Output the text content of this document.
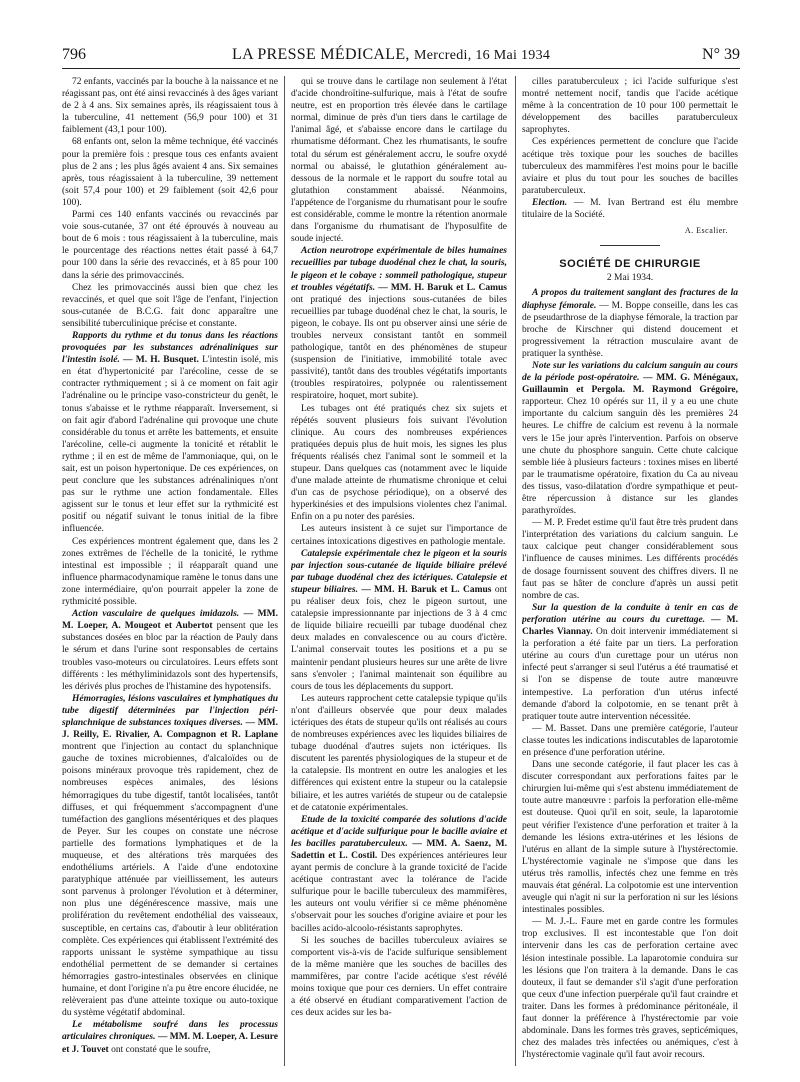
796	LA PRESSE MÉDICALE, Mercredi, 16 Mai 1934	N° 39

72 enfants, vaccinés par la bouche à la naissance et ne réagissant pas, ont été ainsi revaccinés à des âges variant de 2 à 4 ans. Six semaines après, ils réagissaient tous à la tuberculine, 41 nettement (56,9 pour 100) et 31 faiblement (43,1 pour 100).

68 enfants ont, selon la même technique, été vaccinés pour la première fois : presque tous ces enfants avaient plus de 2 ans ; les plus âgés avaient 4 ans. Six semaines après, tous réagissaient à la tuberculine, 39 nettement (soit 57,4 pour 100) et 29 faiblement (soit 42,6 pour 100).

Parmi ces 140 enfants vaccinés ou revaccinés par voie sous-cutanée, 37 ont été éprouvés à nouveau au bout de 6 mois : tous réagissaient à la tuberculine, mais le pourcentage des réactions nettes était passé à 64,7 pour 100 dans la série des revaccinés, et à 85 pour 100 dans la série des primovaccinés.

Chez les primovaccinés aussi bien que chez les revaccinés, et quel que soit l'âge de l'enfant, l'injection sous-cutanée de B.C.G. fait donc apparaître une sensibilité tuberculinique précise et constante.

Rapports du rythme et du tonus dans les réactions provoquées par les substances adrénaliniques sur l'intestin isolé. — M. H. Busquet. L'intestin isolé, mis en état d'hypertonicité par l'arécoline, cesse de se contracter rythmiquement ; si à ce moment on fait agir l'adrénaline ou le principe vaso-constricteur du genêt, le tonus s'abaisse et le rythme réapparaît. Inversement, si on fait agir d'abord l'adrénaline qui provoque une chute considérable du tonus et arrête les battements, et ensuite l'arécoline, celle-ci augmente la tonicité et rétablit le rythme ; il en est de même de l'ammoniaque, qui, on le sait, est un poison hypertonique. De ces expériences, on peut conclure que les substances adrénaliniques n'ont pas sur le rythme une action fondamentale. Elles agissent sur le tonus et leur effet sur la rythmicité est positif ou négatif suivant le tonus initial de la fibre influencée.

Ces expériences montrent également que, dans les 2 zones extrêmes de l'échelle de la tonicité, le rythme intestinal est impossible ; il réapparaît quand une influence pharmacodynamique ramène le tonus dans une zone intermédiaire, qu'on pourrait appeler la zone de rythmicité possible.

Action vasculaire de quelques imidazols. — MM. M. Loeper, A. Mougeot et Aubertot pensent que les substances dosées en bloc par la réaction de Pauly dans le sérum et dans l'urine sont responsables de certains troubles vaso-moteurs ou circulatoires. Leurs effets sont différents : les méthyliminidazols sont des hypertensifs, les dérivés plus proches de l'histamine des hypotensifs.

Hémorragies, lésions vasculaires et lymphatiques du tube digestif déterminées par l'injection péri-splanchnique de substances toxiques diverses. — MM. J. Reilly, E. Rivalier, A. Compagnon et R. Laplane montrent que l'injection au contact du splanchnique gauche de toxines microbiennes, d'alcaloïdes ou de poisons minéraux provoque très rapidement, chez de nombreuses espèces animales, des lésions hémorragiques du tube digestif, tantôt localisées, tantôt diffuses, et qui fréquemment s'accompagnent d'une tuméfaction des ganglions mésentériques et des plaques de Peyer. Sur les coupes on constate une nécrose partielle des formations lymphatiques et de la muqueuse, et des altérations très marquées des endothéliums artériels. A l'aide d'une endotoxine paratyphique atténuée par vieillissement, les auteurs sont parvenus à prolonger l'évolution et à déterminer, non plus une dégénérescence massive, mais une prolifération du revêtement endothélial des vaisseaux, susceptible, en certains cas, d'aboutir à leur oblitération complète. Ces expériences qui établissent l'extrémité des rapports unissant le système sympathique au tissu endothélial permettent de se demander si certaines hémorragies gastro-intestinales observées en clinique humaine, et dont l'origine n'a pu être encore élucidée, ne relèveraient pas d'une atteinte toxique ou auto-toxique du système végétatif abdominal.

Le métabolisme soufré dans les processus articulaires chroniques. — MM. M. Loeper, A. Lesure et J. Touvet ont constaté que le soufre,

qui se trouve dans le cartilage non seulement à l'état d'acide chondroïtine-sulfurique, mais à l'état de soufre neutre, est en proportion très élevée dans le cartilage normal, diminue de près d'un tiers dans le cartilage de l'animal âgé, et s'abaisse encore dans le cartilage du rhumatisme déformant. Chez les rhumatisants, le soufre total du sérum est généralement accru, le soufre oxydé normal ou abaissé, le glutathion généralement au-dessous de la normale et le rapport du soufre total au glutathion constamment abaissé. Néanmoins, l'appétence de l'organisme du rhumatisant pour le soufre est considérable, comme le montre la rétention anormale dans l'organisme du rhumatisant de l'hyposulfite de soude injecté.

Action neurotrope expérimentale de biles humaines recueillies par tubage duodénal chez le chat, la souris, le pigeon et le cobaye : sommeil pathologique, stupeur et troubles végétatifs. — MM. H. Baruk et L. Camus ont pratiqué des injections sous-cutanées de biles recueillies par tubage duodénal chez le chat, la souris, le pigeon, le cobaye. Ils ont pu observer ainsi une série de troubles nerveux consistant tantôt en sommeil pathologique, tantôt en des phénomènes de stupeur (suspension de l'initiative, immobilité totale avec passivité), tantôt dans des troubles végétatifs importants (troubles respiratoires, polypnée ou ralentissement respiratoire, hoquet, mort subite).

Les tubages ont été pratiqués chez six sujets et répétés souvent plusieurs fois suivant l'évolution clinique. Au cours des nombreuses expériences pratiquées depuis plus de huit mois, les signes les plus fréquents réalisés chez l'animal sont le sommeil et la stupeur. Dans quelques cas (notamment avec le liquide d'une malade atteinte de rhumatisme chronique et celui d'un cas de psychose périodique), on a observé des hyperkinésies et des impulsions violentes chez l'animal. Enfin on a pu noter des parésies.

Les auteurs insistent à ce sujet sur l'importance de certaines intoxications digestives en pathologie mentale.

Catalepsie expérimentale chez le pigeon et la souris par injection sous-cutanée de liquide biliaire prélevé par tubage duodénal chez des ictériques. Catalepsie et stupeur biliaires. — MM. H. Baruk et L. Camus ont pu réaliser deux fois, chez le pigeon surtout, une catalepsie impressionnante par injections de 3 à 4 cmc de liquide biliaire recueilli par tubage duodénal chez deux malades en convalescence ou au cours d'ictère. L'animal conservait toutes les positions et a pu se maintenir pendant plusieurs heures sur une arête de livre sans s'envoler ; l'animal maintenait son équilibre au cours de tous les déplacements du support.

Les auteurs rapprochent cette catalepsie typique qu'ils n'ont d'ailleurs observée que pour deux malades ictériques des états de stupeur qu'ils ont réalisés au cours de nombreuses expériences avec les liquides biliaires de tubage duodénal d'autres sujets non ictériques. Ils discutent les parentés physiologiques de la stupeur et de la catalepsie. Ils montrent en outre les analogies et les différences qui existent entre la stupeur ou la catalepsie biliaire, et les autres variétés de stupeur ou de catalepsie et de catatonie expérimentales.

Etude de la toxicité comparée des solutions d'acide acétique et d'acide sulfurique pour le bacille aviaire et les bacilles paratuberculeux. — MM. A. Saenz, M. Sadettin et L. Costil. Des expériences antérieures leur ayant permis de conclure à la grande toxicité de l'acide acétique contrastant avec la tolérance de l'acide sulfurique pour le bacille tuberculeux des mammifères, les auteurs ont voulu vérifier si ce même phénomène s'observait pour les souches d'origine aviaire et pour les bacilles acido-alcoolo-résistants saprophytes.

Si les souches de bacilles tuberculeux aviaires se comportent vis-à-vis de l'acide sulfurique sensiblement de la même manière que les souches de bacilles des mammifères, par contre l'acide acétique s'est révélé moins toxique que pour ces derniers. Un effet contraire a été observé en étudiant comparativement l'action de ces deux acides sur les ba-

cilles paratuberculeux ; ici l'acide sulfurique s'est montré nettement nocif, tandis que l'acide acétique même à la concentration de 10 pour 100 permettait le développement des bacilles paratuberculeux saprophytes.

Ces expériences permettent de conclure que l'acide acétique très toxique pour les souches de bacilles tuberculeux des mammifères l'est moins pour le bacille aviaire et plus du tout pour les souches de bacilles paratuberculeux.

Election. — M. Ivan Bertrand est élu membre titulaire de la Société.

A. Escalier.

SOCIÉTÉ DE CHIRURGIE

2 Mai 1934.

A propos du traitement sanglant des fractures de la diaphyse fémorale. — M. Boppe conseille, dans les cas de pseudarthrose de la diaphyse fémorale, la traction par broche de Kirschner qui distend doucement et progressivement la rétraction musculaire avant de pratiquer la synthèse.

Note sur les variations du calcium sanguin au cours de la période post-opératoire. — MM. G. Ménégaux, Guillaumin et Pergola. M. Raymond Grégoire, rapporteur. Chez 10 opérés sur 11, il y a eu une chute importante du calcium sanguin dès les premières 24 heures. Le chiffre de calcium est revenu à la normale vers le 15e jour après l'intervention. Parfois on observe une chute du phosphore sanguin. Cette chute calcique semble liée à plusieurs facteurs : toxines mises en liberté par le traumatisme opératoire, fixation du Ca au niveau des tissus, vaso-dilatation d'ordre sympathique et peut-être répercussion à distance sur les glandes parathyroïdes.

— M. P. Fredet estime qu'il faut être très prudent dans l'interprétation des variations du calcium sanguin. Le taux calcique peut changer considérablement sous l'influence de causes minimes. Les différents procédés de dosage fournissent souvent des chiffres divers. Il ne faut pas se hâter de conclure d'après un aussi petit nombre de cas.

Sur la question de la conduite à tenir en cas de perforation utérine au cours du curettage. — M. Charles Viannay. On doit intervenir immédiatement si la perforation a été faite par un tiers. La perforation utérine au cours d'un curettage pour un utérus non infecté peut s'arranger si seul l'utérus a été traumatisé et si l'on se dispense de toute autre manœuvre intempestive. La perforation d'un utérus infecté demande d'abord la colpotomie, en se tenant prêt à pratiquer toute autre intervention nécessitée.

— M. Basset. Dans une première catégorie, l'auteur classe toutes les indications indiscutables de laparotomie en présence d'une perforation utérine.

Dans une seconde catégorie, il faut placer les cas à discuter correspondant aux perforations faites par le chirurgien lui-même qui s'est abstenu immédiatement de toute autre manœuvre : parfois la perforation elle-même est douteuse. Quoi qu'il en soit, seule, la laparotomie peut vérifier l'existence d'une perforation et traiter à la demande les lésions extra-utérines et les lésions de l'utérus en allant de la simple suture à l'hystérectomie. L'hystérectomie vaginale ne s'impose que dans les utérus très ramollis, infectés chez une femme en très mauvais état général. La colpotomie est une intervention aveugle qui n'agit ni sur la perforation ni sur les lésions intestinales possibles.

— M. J.-L. Faure met en garde contre les formules trop exclusives. Il est incontestable que l'on doit intervenir dans les cas de perforation certaine avec lésion intestinale possible. La laparotomie conduira sur les lésions que l'on traitera à la demande. Dans le cas douteux, il faut se demander s'il s'agit d'une perforation que ceux d'une infection puerpérale qu'il faut craindre et traiter. Dans les formes à prédominance péritonéale, il faut donner la préférence à l'hystérectomie par voie abdominale. Dans les formes très graves, septicémiques, chez des malades très infectées ou anémiques, c'est à l'hystérectomie vaginale qu'il faut avoir recours.
